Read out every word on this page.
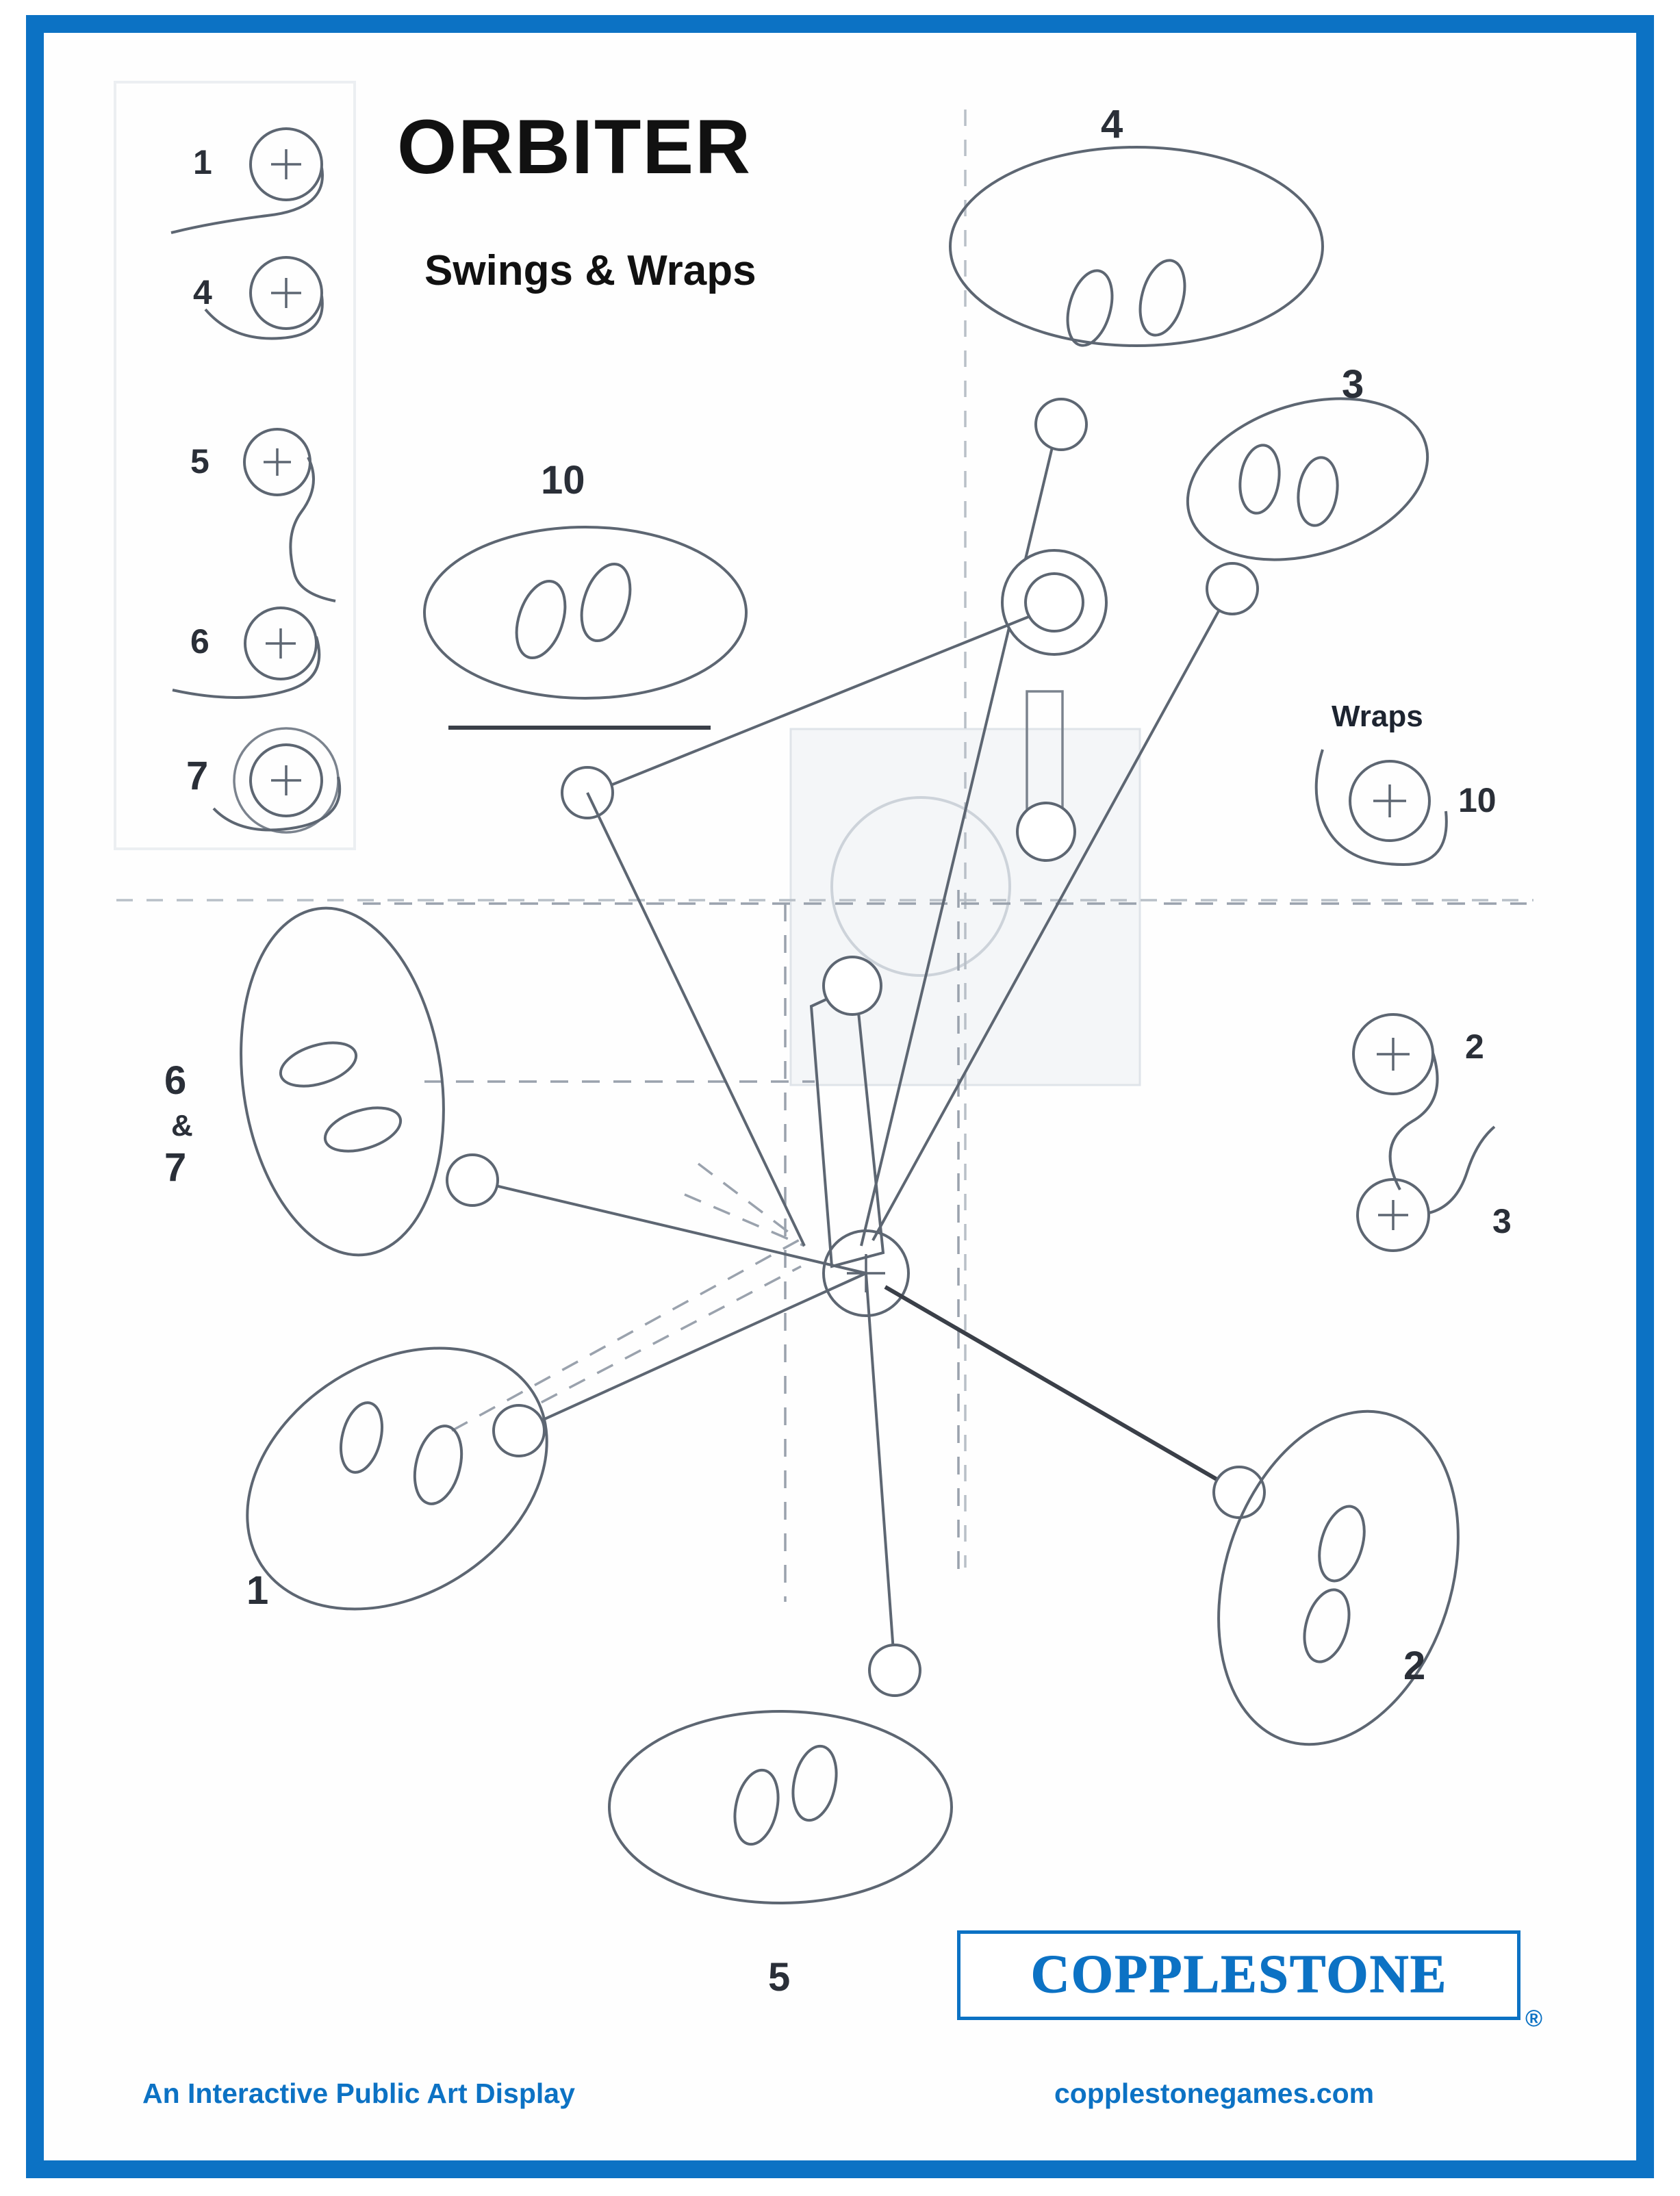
ORBITER
Swings & Wraps
1
4
5
6
7
Wraps
10
2
3
10
4
3
6
&
7
1
2
5	COPPLESTONE
®
An Interactive Public Art Display	copplestonegames.com
